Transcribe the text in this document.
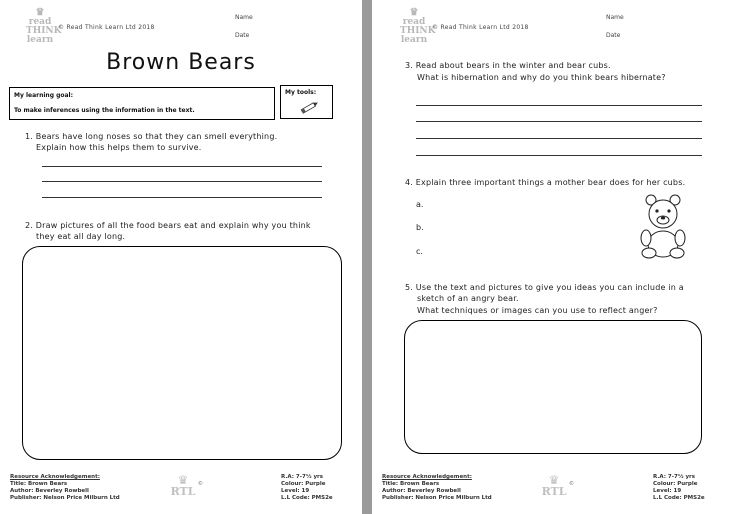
♛
read
THINK
learn
© Read Think Learn Ltd 2018
Name
Date
Brown Bears
My learning goal:
To make inferences using the information in the text.
My tools:
1. Bears have long noses so that they can smell everything.
Explain how this helps them to survive.
2. Draw pictures of all the food bears eat and explain why you think
they eat all day long.
Resource Acknowledgement:
Title: Brown Bears
Author: Beverley Rowbell
Publisher: Nelson Price Milburn Ltd
♛
RTL
©
R.A: 7-7½ yrs
Colour: Purple
Level: 19
L.L Code: PMS2e
♛
read
THINK
learn
© Read Think Learn Ltd 2018
Name
Date
3. Read about bears in the winter and bear cubs.
What is hibernation and why do you think bears hibernate?
4. Explain three important things a mother bear does for her cubs.
a.
b.
c.
5. Use the text and pictures to give you ideas you can include in a
sketch of an angry bear.
What techniques or images can you use to reflect anger?
Resource Acknowledgement:
Title: Brown Bears
Author: Beverley Rowbell
Publisher: Nelson Price Milburn Ltd
♛
RTL
©
R.A: 7-7½ yrs
Colour: Purple
Level: 19
L.L Code: PMS2e
